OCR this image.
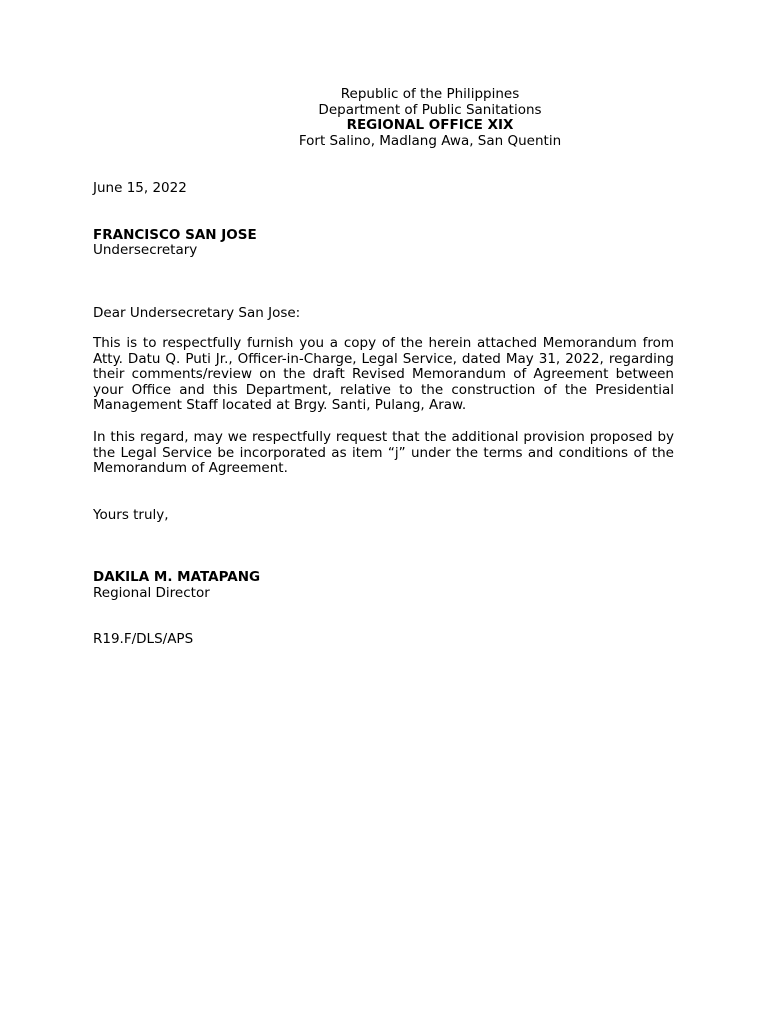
Republic of the Philippines
Department of Public Sanitations
REGIONAL OFFICE XIX
Fort Salino, Madlang Awa, San Quentin
June 15, 2022
FRANCISCO SAN JOSE
Undersecretary
Dear Undersecretary San Jose:
This is to respectfully furnish you a copy of the herein attached Memorandum from Atty. Datu Q. Puti Jr., Officer-in-Charge, Legal Service, dated May 31, 2022, regarding their comments/review on the draft Revised Memorandum of Agreement between your Office and this Department, relative to the construction of the Presidential Management Staff located at Brgy. Santi, Pulang, Araw.
In this regard, may we respectfully request that the additional provision proposed by the Legal Service be incorporated as item “j” under the terms and conditions of the Memorandum of Agreement.
Yours truly,
DAKILA M. MATAPANG
Regional Director
R19.F/DLS/APS
